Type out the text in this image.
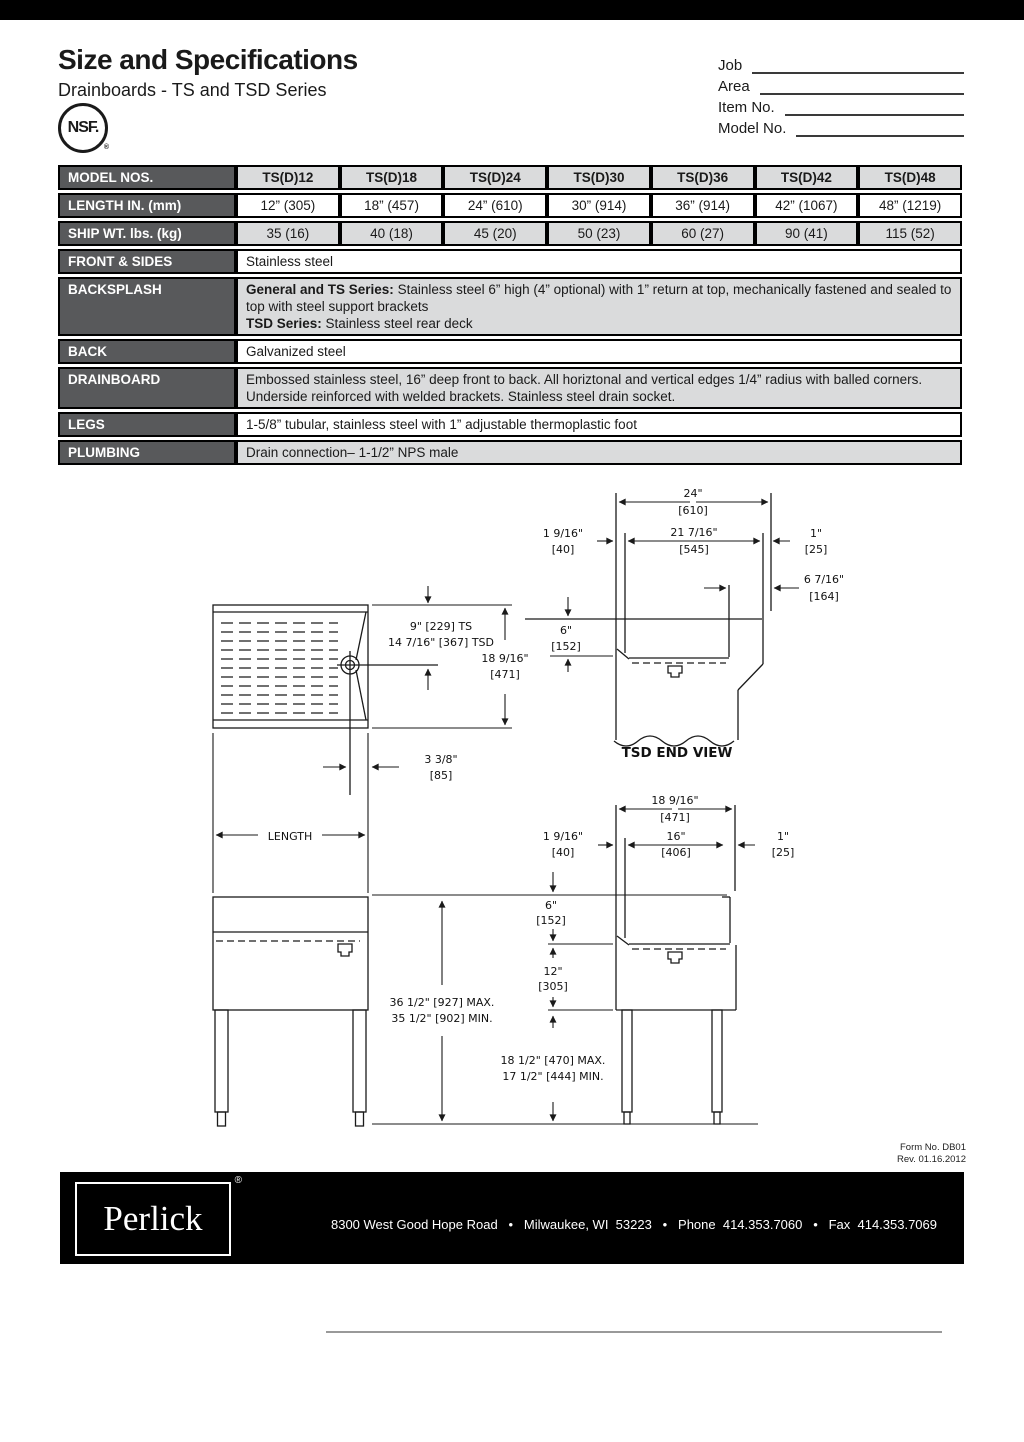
Size and Specifications
Drainboards - TS and TSD Series
NSF.
®
Job
Area
Item No.
Model No.
MODEL NOS.	TS(D)12	TS(D)18	TS(D)24	TS(D)30	TS(D)36	TS(D)42	TS(D)48
LENGTH IN. (mm)	12” (305)	18” (457)	24” (610)	30” (914)	36” (914)	42” (1067)	48” (1219)
SHIP WT. lbs. (kg)	35 (16)	40 (18)	45 (20)	50 (23)	60 (27)	90 (41)	115 (52)
FRONT & SIDES	Stainless steel						
BACKSPLASH	General and TS Series: Stainless steel 6” high (4” optional) with 1” return at top, mechanically fastened and sealed to top with steel support brackets
TSD Series: Stainless steel rear deck						

BACK	Galvanized steel						
DRAINBOARD	Embossed stainless steel, 16” deep front to back. All horiztonal and vertical edges 1/4” radius with balled corners. Underside reinforced with welded brackets. Stainless steel drain socket.						
LEGS	1-5/8” tubular, stainless steel with 1” adjustable thermoplastic foot						
PLUMBING	Drain connection– 1-1/2” NPS male						
9" [229] TS
14 7/16" [367] TSD
18 9/16"
[471]
3 3/8"
[85]
LENGTH
36 1/2" [927] MAX.
35 1/2" [902] MIN.
24"
[610]
1 9/16"
[40]
21 7/16"
[545]
1"
[25]
6 7/16"
[164]
6"
[152]
TSD END VIEW
18 9/16"
[471]
1 9/16"
[40]
16"
[406]
1"
[25]
6"
[152]
12"
[305]
18 1/2" [470] MAX.
17 1/2" [444] MIN.
Form No. DB01
Rev. 01.16.2012
Perlick
®

8300 West Good Hope Road   •   Milwaukee, WI  53223   •   Phone  414.353.7060   •   Fax  414.353.7069

Toll Free  800.558.5592   •   E-Mail  perlick@perlick.com   •   www.perlick.com

Perlick is committed to continuous improvement. Therefore, we reserve the right to change specifications without prior notice
